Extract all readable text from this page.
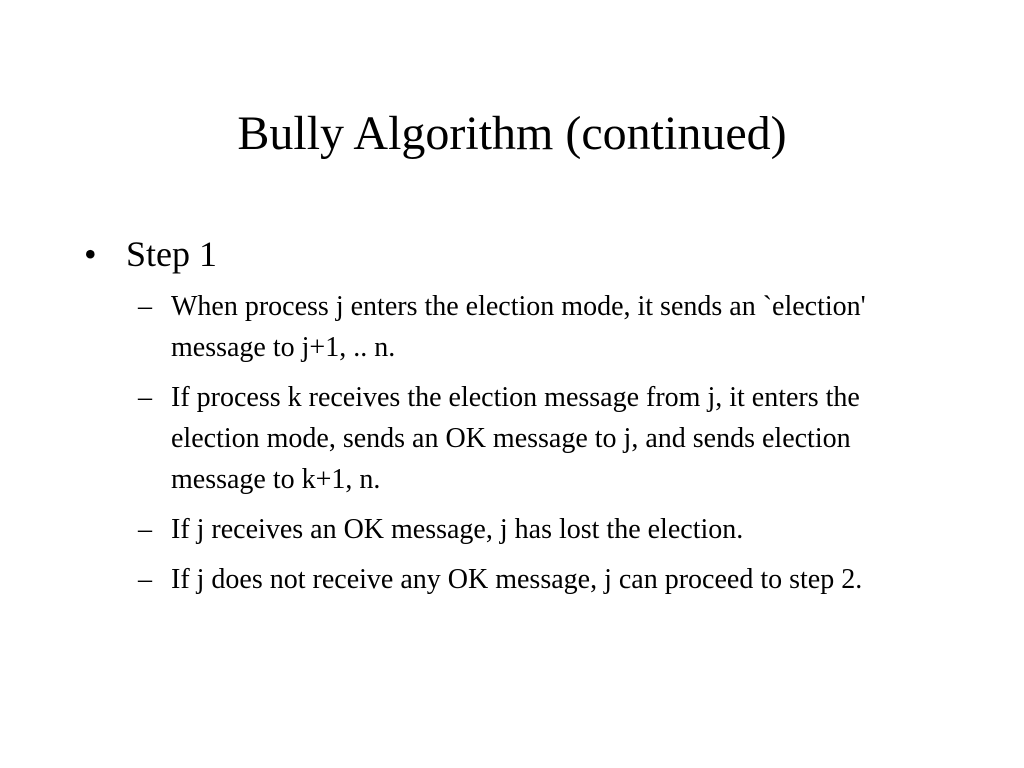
Bully Algorithm (continued)
• Step 1
– When process j enters the election mode, it sends an `election' message to j+1, .. n.
– If process k receives the election message from j, it enters the election mode, sends an OK message to j, and sends election message to k+1, n.
– If j receives an OK message, j has lost the election.
– If j does not receive any OK message, j can proceed to step 2.
